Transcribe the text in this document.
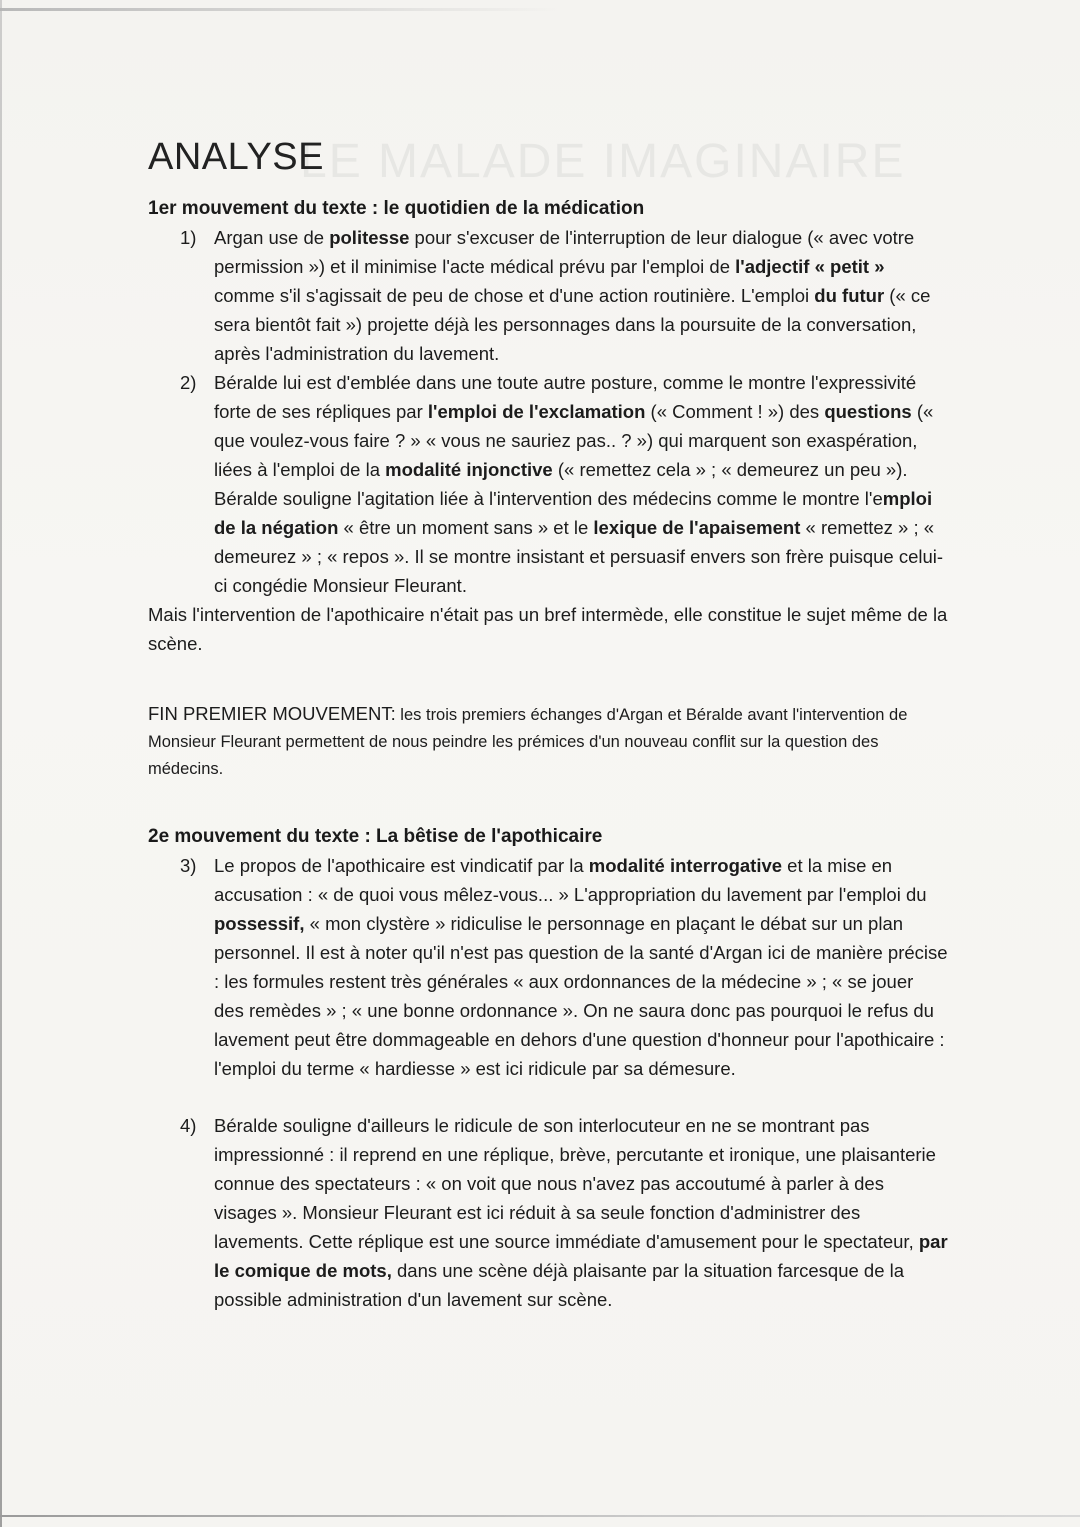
LE MALADE IMAGINAIRE
ANALYSE
1er mouvement du texte : le quotidien de la médication
1) Argan use de politesse pour s'excuser de l'interruption de leur dialogue (« avec votre permission ») et il minimise l'acte médical prévu par l'emploi de l'adjectif « petit » comme s'il s'agissait de peu de chose et d'une action routinière. L'emploi du futur (« ce sera bientôt fait ») projette déjà les personnages dans la poursuite de la conversation, après l'administration du lavement.
2) Béralde lui est d'emblée dans une toute autre posture, comme le montre l'expressivité forte de ses répliques par l'emploi de l'exclamation (« Comment ! ») des questions (« que voulez-vous faire ? » « vous ne sauriez pas.. ? ») qui marquent son exaspération, liées à l'emploi de la modalité injonctive (« remettez cela » ; « demeurez un peu »). Béralde souligne l'agitation liée à l'intervention des médecins comme le montre l'emploi de la négation « être un moment sans » et le lexique de l'apaisement « remettez » ; « demeurez » ; « repos ». Il se montre insistant et persuasif envers son frère puisque celui-ci congédie Monsieur Fleurant.

Mais l'intervention de l'apothicaire n'était pas un bref intermède, elle constitue le sujet même de la scène.

FIN PREMIER MOUVEMENT: les trois premiers échanges d'Argan et Béralde avant l'intervention de Monsieur Fleurant permettent de nous peindre les prémices d'un nouveau conflit sur la question des médecins.

2e mouvement du texte : La bêtise de l'apothicaire
3) Le propos de l'apothicaire est vindicatif par la modalité interrogative et la mise en accusation : « de quoi vous mêlez-vous... » L'appropriation du lavement par l'emploi du possessif, « mon clystère » ridiculise le personnage en plaçant le débat sur un plan personnel. Il est à noter qu'il n'est pas question de la santé d'Argan ici de manière précise : les formules restent très générales « aux ordonnances de la médecine » ; « se jouer des remèdes » ; « une bonne ordonnance ». On ne saura donc pas pourquoi le refus du lavement peut être dommageable en dehors d'une question d'honneur pour l'apothicaire : l'emploi du terme « hardiesse » est ici ridicule par sa démesure.
4) Béralde souligne d'ailleurs le ridicule de son interlocuteur en ne se montrant pas impressionné : il reprend en une réplique, brève, percutante et ironique, une plaisanterie connue des spectateurs : « on voit que nous n'avez pas accoutumé à parler à des visages ». Monsieur Fleurant est ici réduit à sa seule fonction d'administrer des lavements. Cette réplique est une source immédiate d'amusement pour le spectateur, par le comique de mots, dans une scène déjà plaisante par la situation farcesque de la possible administration d'un lavement sur scène.
